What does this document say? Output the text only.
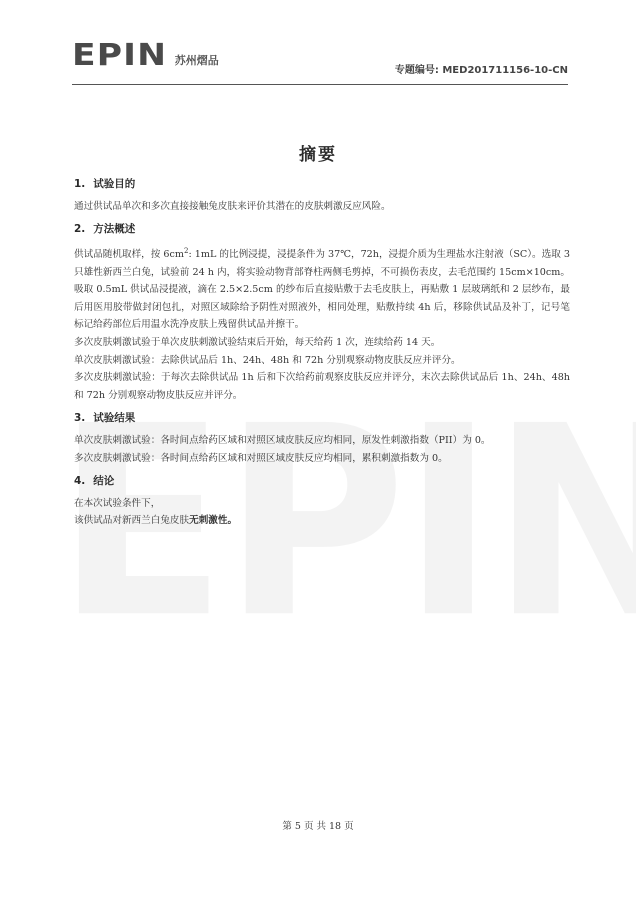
EPIN 苏州熠品
专题编号: MED201711156-10-CN
摘要
1. 试验目的

通过供试品单次和多次直接接触兔皮肤来评价其潜在的皮肤刺激反应风险。

2. 方法概述

供试品随机取样，按 $6cm^2$: 1mL 的比例浸提，浸提条件为 37℃，72h，浸提介质为生理盐水注射液（SC）。选取 3 只雄性新西兰白兔，试验前 24 h 内，将实验动物背部脊柱两侧毛剪掉，不可损伤表皮，去毛范围约 15cm×10cm。吸取 0.5mL 供试品浸提液，滴在 2.5×2.5cm 的纱布后直接贴敷于去毛皮肤上，再贴敷 1 层玻璃纸和 2 层纱布，最后用医用胶带做封闭包扎，对照区域除给予阴性对照液外，相同处理，贴敷持续 4h 后，移除供试品及补丁，记号笔标记给药部位后用温水洗净皮肤上残留供试品并擦干。

多次皮肤刺激试验于单次皮肤刺激试验结束后开始，每天给药 1 次，连续给药 14 天。

单次皮肤刺激试验：去除供试品后 1h、24h、48h 和 72h 分别观察动物皮肤反应并评分。

多次皮肤刺激试验：于每次去除供试品 1h 后和下次给药前观察皮肤反应并评分，末次去除供试品后 1h、24h、48h 和 72h 分别观察动物皮肤反应并评分。

3. 试验结果

单次皮肤刺激试验：各时间点给药区域和对照区域皮肤反应均相同，原发性刺激指数（PII）为 0。

多次皮肤刺激试验：各时间点给药区域和对照区域皮肤反应均相同，累积刺激指数为 0。

4. 结论

在本次试验条件下，

该供试品对新西兰白兔皮肤无刺激性。

第 5 页 共 18 页
